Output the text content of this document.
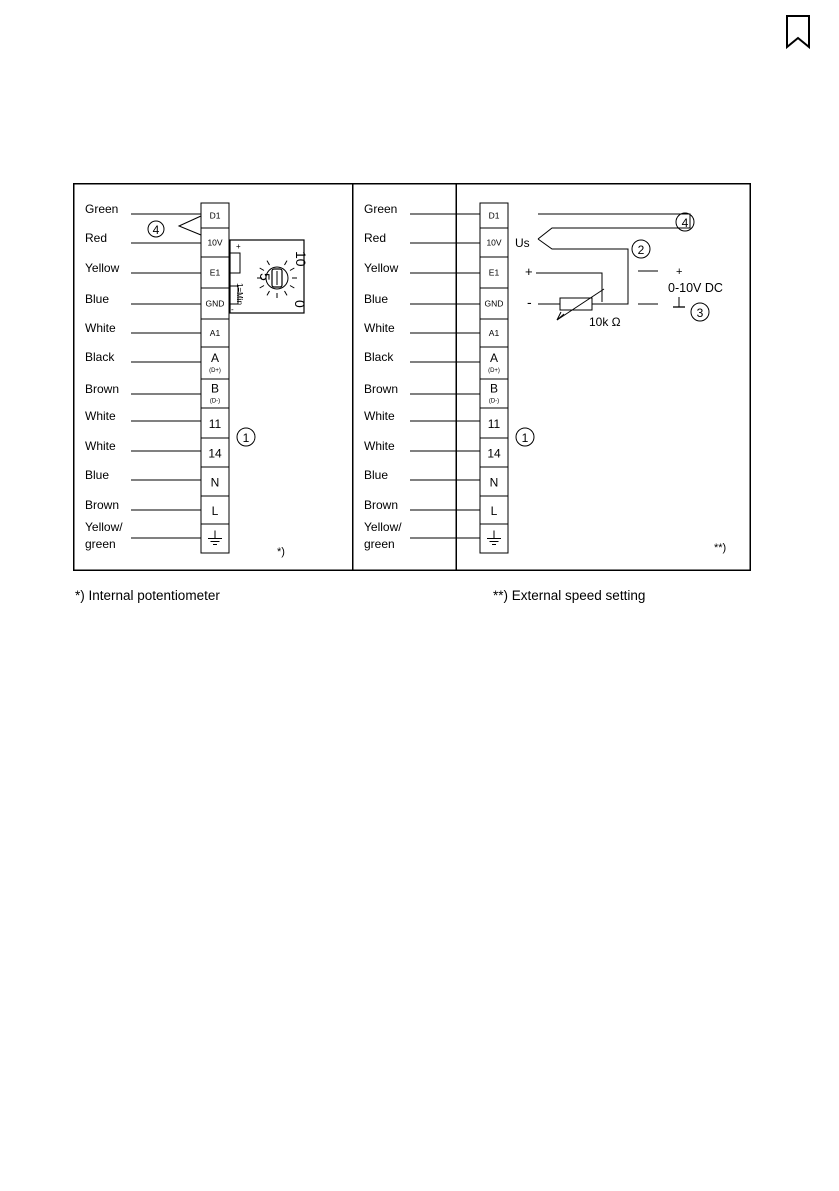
D1
Green
10V
Red
E1
Yellow
GND
Blue
A1
White
A
(D+)
Black
B
(D-)
Brown
11
White
14
White
N
Blue
L
Brown
Yellow/
green
4
+
-
10
5
0
1=Min
1
*)
D1
Green
10V
Red
E1
Yellow
GND
Blue
A1
White
A
(D+)
Black
B
(D-)
Brown
11
White
14
White
N
Blue
L
Brown
Yellow/
green
Us
4
2
+
-
10k Ω
+
0-10V DC
3
1
**)
*) Internal potentiometer	**) External speed setting
